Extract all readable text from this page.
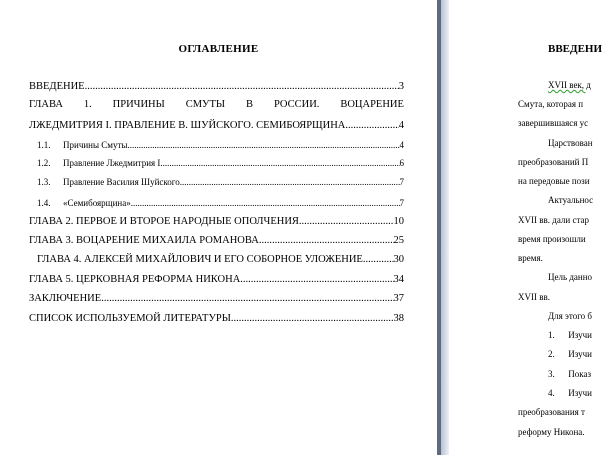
ОГЛАВЛЕНИЕ
ВВЕДЕНИЕ .....	3
ГЛАВА 1. ПРИЧИНЫ СМУТЫ В РОССИИ. ВОЦАРЕНИЕ
ЛЖЕДМИТРИЯ I. ПРАВЛЕНИЕ В. ШУЙСКОГО. СЕМИБОЯРЩИНА .....	4
1.1. Причины Смуты .....	4
1.2. Правление Лжедмитрия I .....	6
1.3. Правление Василия Шуйского .....	7
1.4. «Семибоярщина» .....	7
ГЛАВА 2. ПЕРВОЕ И ВТОРОЕ НАРОДНЫЕ ОПОЛЧЕНИЯ .....	10
ГЛАВА 3. ВОЦАРЕНИЕ МИХАИЛА РОМАНОВА .....	25
ГЛАВА 4. АЛЕКСЕЙ МИХАЙЛОВИЧ И ЕГО СОБОРНОЕ УЛОЖЕНИЕ .....	30
ГЛАВА 5. ЦЕРКОВНАЯ РЕФОРМА НИКОНА .....	34
ЗАКЛЮЧЕНИЕ .....	37
СПИСОК ИСПОЛЬЗУЕМОЙ ЛИТЕРАТУРЫ .....	38
ВВЕДЕНИ
XVII век, д
Смута, которая п
завершившаяся ус
Царствован
преобразований П
на передовые пози
Актуальнос
XVII вв. дали стар
время произошли
время.
Цель данно
XVII вв.
Для этого б
1.      Изучи
2.      Изучи
3.      Показ
4.      Изучи
преобразования т
реформу Никона.
